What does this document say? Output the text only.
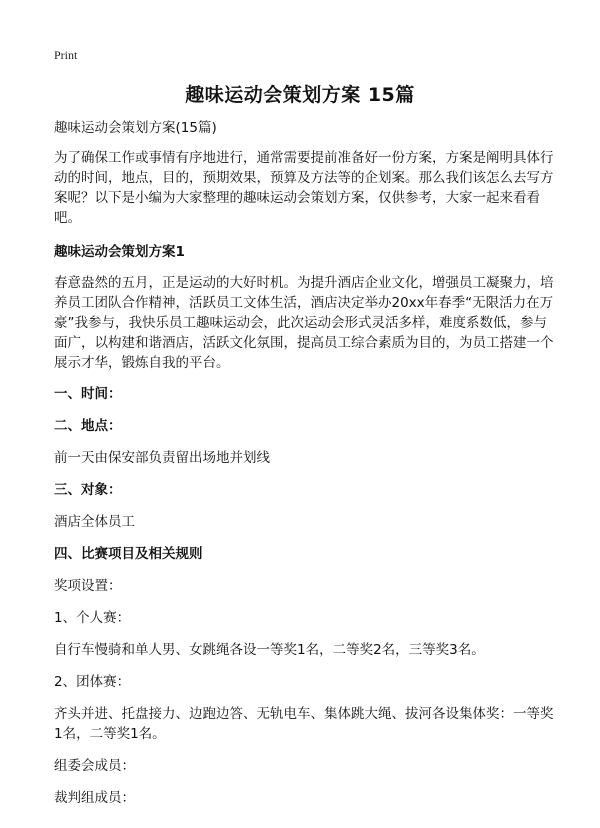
Print
趣味运动会策划方案 15篇

趣味运动会策划方案(15篇)

为了确保工作或事情有序地进行，通常需要提前准备好一份方案，方案是阐明具体行动的时间，地点，目的，预期效果，预算及方法等的企划案。那么我们该怎么去写方案呢？以下是小编为大家整理的趣味运动会策划方案，仅供参考，大家一起来看看吧。

趣味运动会策划方案1

春意盎然的五月，正是运动的大好时机。为提升酒店企业文化，增强员工凝聚力，培养员工团队合作精神，活跃员工文体生活，酒店决定举办20xx年春季“无限活力在万豪”我参与，我快乐员工趣味运动会，此次运动会形式灵活多样，难度系数低，参与面广，以构建和谐酒店，活跃文化氛围，提高员工综合素质为目的，为员工搭建一个展示才华，锻炼自我的平台。

一、时间：

二、地点：

前一天由保安部负责留出场地并划线

三、对象：

酒店全体员工

四、比赛项目及相关规则

奖项设置：

1、个人赛：

自行车慢骑和单人男、女跳绳各设一等奖1名，二等奖2名，三等奖3名。

2、团体赛：

齐头并进、托盘接力、边跑边答、无轨电车、集体跳大绳、拔河各设集体奖：一等奖1名，二等奖1名。

组委会成员：

裁判组成员：
